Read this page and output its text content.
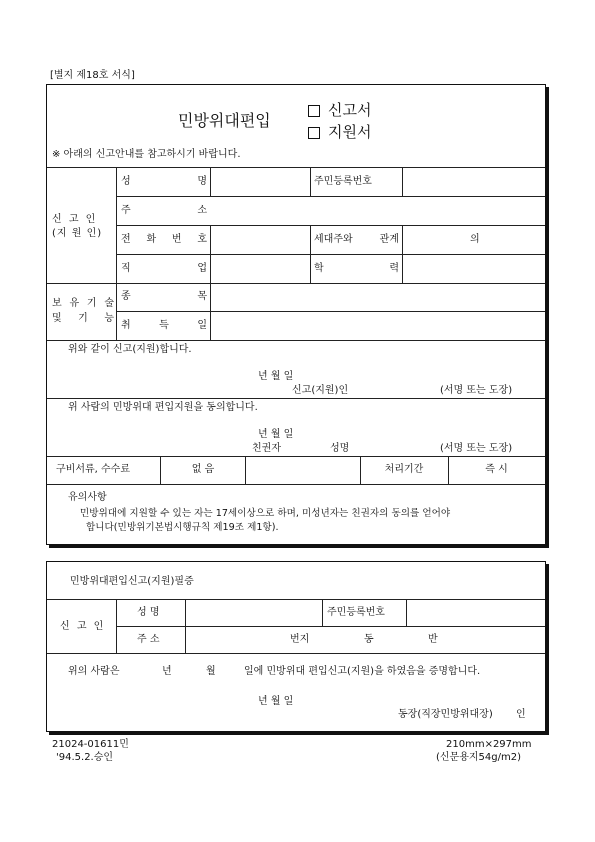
[별지 제18호 서식]
민방위대편입
신고서
지원서
※ 아래의 신고안내를 참고하시기 바랍니다.
신 고 인
(지 원 인)
성 명	주민등록번호
주 소
전 화 번 호	세대주와 관계	의
직 업	학 력
보 유 기 술
및 기 능
종 목
취 득 일
위와 같이 신고(지원)합니다.
년 월 일
신고(지원)인	(서명 또는 도장)
위 사람의 민방위대 편입지원을 동의합니다.
년 월 일
친권자	성명	(서명 또는 도장)
구비서류, 수수료	없 음	처리기간	즉 시
유의사항
민방위대에 지원할 수 있는 자는 17세이상으로 하며, 미성년자는 친권자의 동의를 얻어야
합니다(민방위기본법시행규칙 제19조 제1항).
민방위대편입신고(지원)필증
신 고 인
성 명	주민등록번호
주 소	번지	동	반
위의 사람은	년	월	일에 민방위대 편입신고(지원)을 하였음을 증명합니다.
년 월 일
동장(직장민방위대장) 인
21024-01611민
'94.5.2.승인
210mm×297mm
(신문용지54g/m2)
